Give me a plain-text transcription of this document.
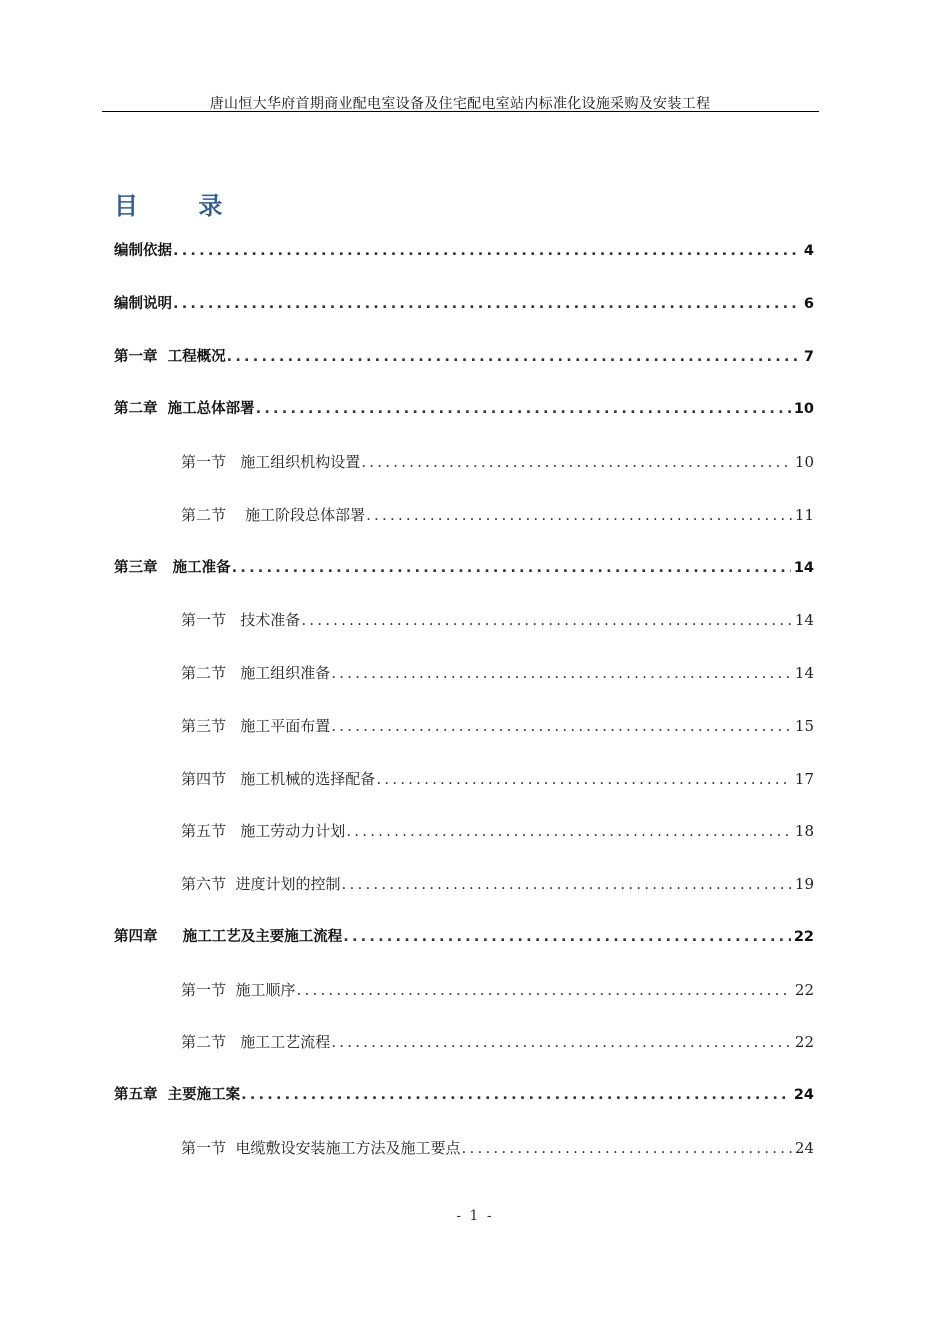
唐山恒大华府首期商业配电室设备及住宅配电室站内标准化设施采购及安装工程
目 录
编制依据 .....	4
编制说明 .....	6
第一章  工程概况 .....	7
第二章  施工总体部署 .....	10
第一节   施工组织机构设置 .....	10
第二节    施工阶段总体部署 .....	11
第三章   施工准备 .....	14
第一节   技术准备 .....	14
第二节   施工组织准备 .....	14
第三节   施工平面布置 .....	15
第四节   施工机械的选择配备 .....	17
第五节   施工劳动力计划 .....	18
第六节  进度计划的控制 .....	19
第四章     施工工艺及主要施工流程 .....	22
第一节  施工顺序 .....	22
第二节   施工工艺流程 .....	22
第五章  主要施工案 .....	24
第一节  电缆敷设安装施工方法及施工要点 .....	24
- 1 -
